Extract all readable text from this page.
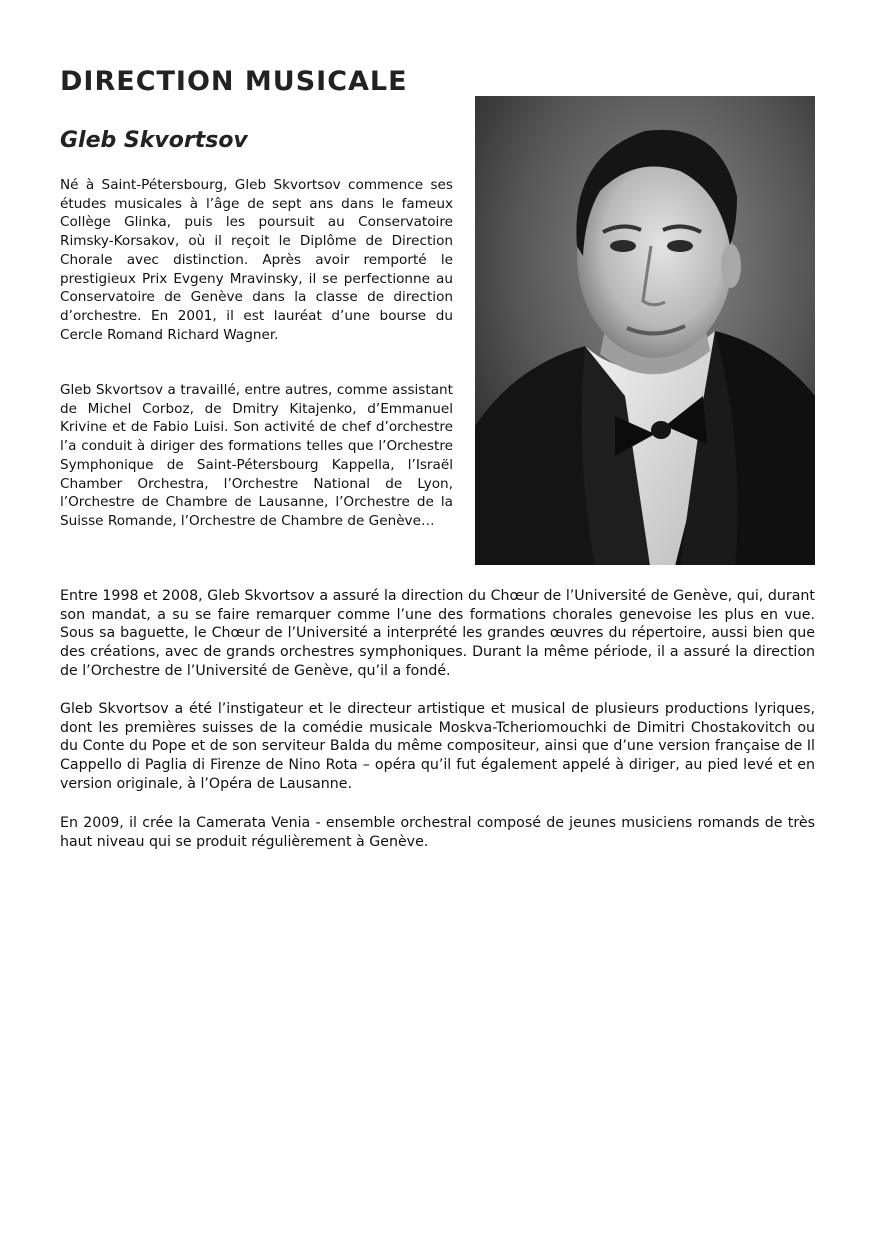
DIRECTION MUSICALE
Gleb Skvortsov

Né à Saint-Pétersbourg, Gleb Skvortsov commence ses études musicales à l’âge de sept ans dans le fameux Collège Glinka, puis les poursuit au Conservatoire Rimsky-Korsakov, où il reçoit le Diplôme de Direction Chorale avec distinction. Après avoir remporté le prestigieux Prix Evgeny Mravinsky, il se perfectionne au Conservatoire de Genève dans la classe de direction d’orchestre. En 2001, il est lauréat d’une bourse du Cercle Romand Richard Wagner.

Gleb Skvortsov a travaillé, entre autres, comme assistant de Michel Corboz, de Dmitry Kitajenko, d’Emmanuel Krivine et de Fabio Luisi. Son activité de chef d’orchestre l’a conduit à diriger des formations telles que l’Orchestre Symphonique de Saint-Pétersbourg Kappella, l’Israël Chamber Orchestra, l’Orchestre National de Lyon, l’Orchestre de Chambre de Lausanne, l’Orchestre de la Suisse Romande, l’Orchestre de Chambre de Genève…

Entre 1998 et 2008, Gleb Skvortsov a assuré la direction du Chœur de l’Université de Genève, qui, durant son mandat, a su se faire remarquer comme l’une des formations chorales genevoise les plus en vue. Sous sa baguette, le Chœur de l’Université a interprété les grandes œuvres du répertoire, aussi bien que des créations, avec de grands orchestres symphoniques. Durant la même période, il a assuré la direction de l’Orchestre de l’Université de Genève, qu’il a fondé.

Gleb Skvortsov a été l’instigateur et le directeur artistique et musical de plusieurs productions lyriques, dont les premières suisses de la comédie musicale Moskva-Tcheriomouchki de Dimitri Chostakovitch ou du Conte du Pope et de son serviteur Balda du même compositeur, ainsi que d’une version française de Il Cappello di Paglia di Firenze de Nino Rota – opéra qu’il fut également appelé à diriger, au pied levé et en version originale, à l’Opéra de Lausanne.

En 2009, il crée la Camerata Venia - ensemble orchestral composé de jeunes musiciens romands de très haut niveau qui se produit régulièrement à Genève.
